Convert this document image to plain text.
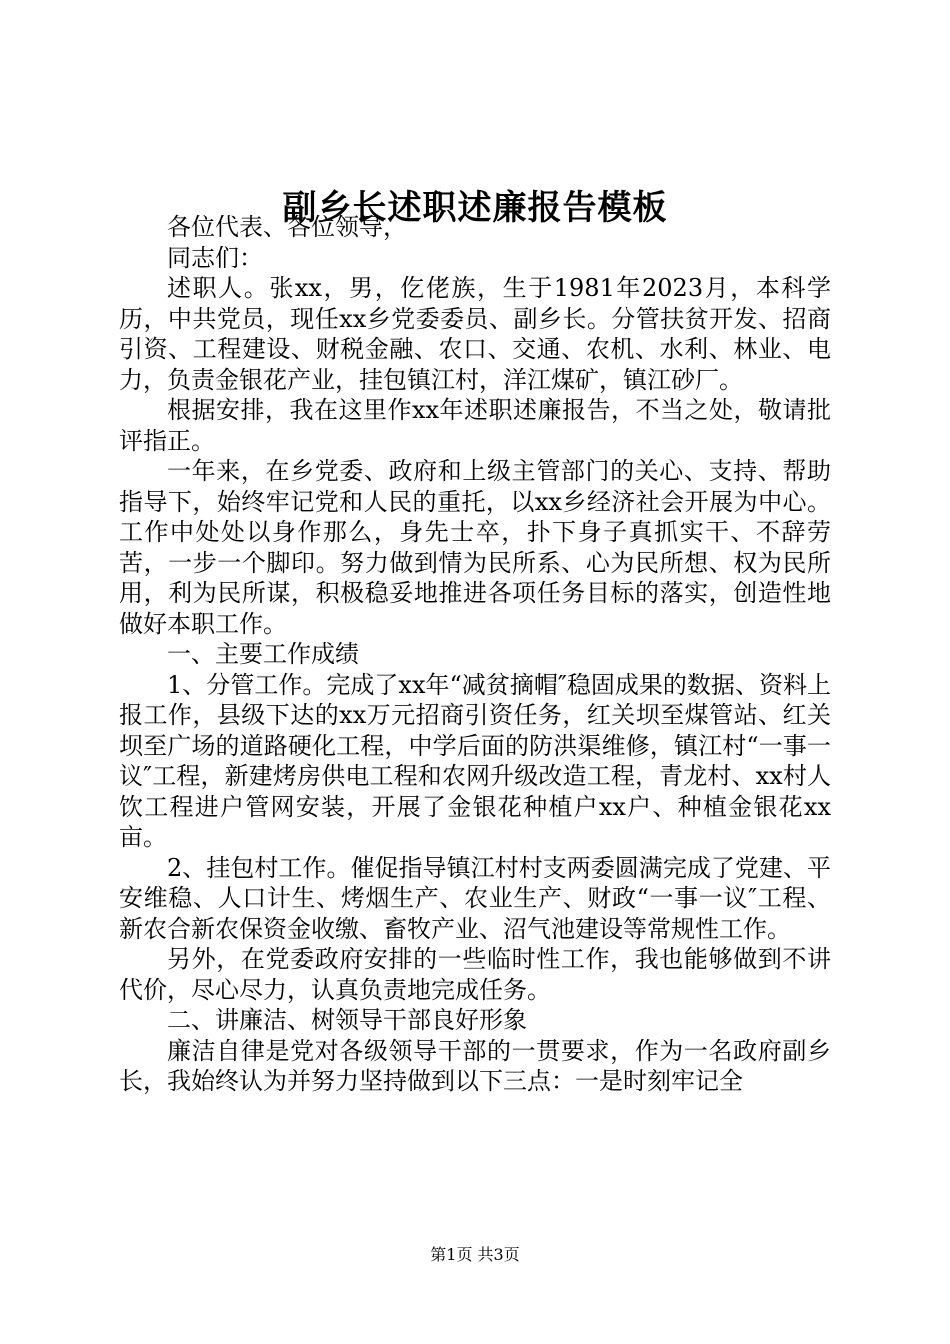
副乡长述职述廉报告模板

各位代表、各位领导，

同志们：

述职人。张xx，男，仡佬族，生于1981年2023月，本科学历，中共党员，现任xx乡党委委员、副乡长。分管扶贫开发、招商引资、工程建设、财税金融、农口、交通、农机、水利、林业、电力，负责金银花产业，挂包镇江村，洋江煤矿，镇江砂厂。

根据安排，我在这里作xx年述职述廉报告，不当之处，敬请批评指正。

一年来，在乡党委、政府和上级主管部门的关心、支持、帮助指导下，始终牢记党和人民的重托，以xx乡经济社会开展为中心。工作中处处以身作那么，身先士卒，扑下身子真抓实干、不辞劳苦，一步一个脚印。努力做到情为民所系、心为民所想、权为民所用，利为民所谋，积极稳妥地推进各项任务目标的落实，创造性地做好本职工作。

一、主要工作成绩

1、分管工作。完成了xx年“减贫摘帽″稳固成果的数据、资料上报工作，县级下达的xx万元招商引资任务，红关坝至煤管站、红关坝至广场的道路硬化工程，中学后面的防洪渠维修，镇江村“一事一议″工程，新建烤房供电工程和农网升级改造工程，青龙村、xx村人饮工程进户管网安装，开展了金银花种植户xx户、种植金银花xx亩。

2、挂包村工作。催促指导镇江村村支两委圆满完成了党建、平安维稳、人口计生、烤烟生产、农业生产、财政“一事一议″工程、新农合新农保资金收缴、畜牧产业、沼气池建设等常规性工作。

另外，在党委政府安排的一些临时性工作，我也能够做到不讲代价，尽心尽力，认真负责地完成任务。

二、讲廉洁、树领导干部良好形象

廉洁自律是党对各级领导干部的一贯要求，作为一名政府副乡长，我始终认为并努力坚持做到以下三点：一是时刻牢记全

第1页 共3页
